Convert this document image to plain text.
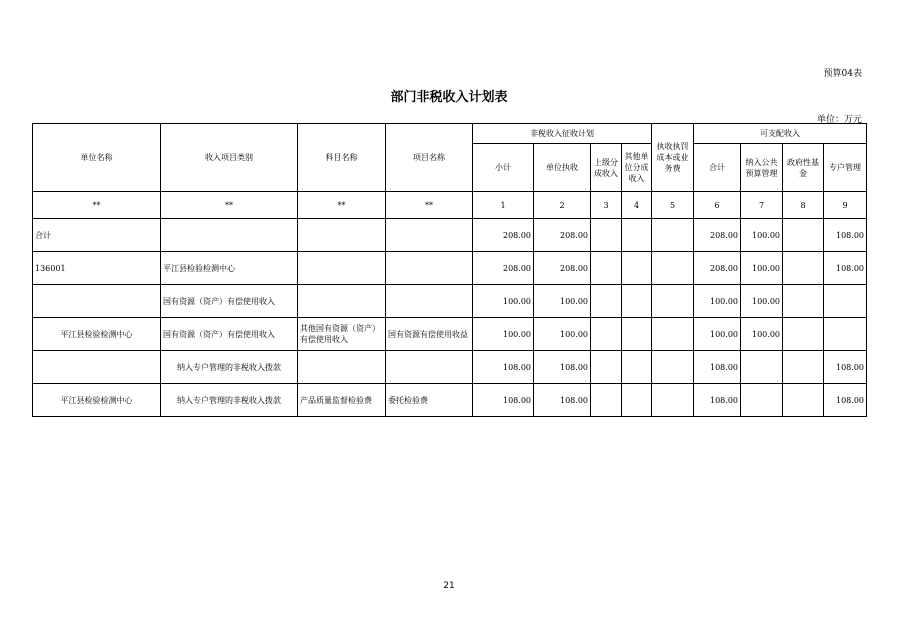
预算04表
部门非税收入计划表
单位：万元
单位名称	收入项目类别	科目名称	项目名称	非税收入征收计划				执收执罚成本或业务费	可支配收入			
				小计	单位执收	上级分成收入	其他单位分成收入		合计	纳入公共预算管理	政府性基金	专户管理
**	**	**	**	1	2	3	4	5	6	7	8	9
合计				208.00	208.00				208.00	100.00		108.00
136001	平江县检验检测中心			208.00	208.00				208.00	100.00		108.00
	国有资源（资产）有偿使用收入			100.00	100.00				100.00	100.00		
平江县检验检测中心	国有资源（资产）有偿使用收入	其他国有资源（资产）有偿使用收入	国有资源有偿使用收益	100.00	100.00				100.00	100.00		
	纳入专户管理的非税收入拨款			108.00	108.00				108.00			108.00
平江县检验检测中心	纳入专户管理的非税收入拨款	产品质量监督检验费	委托检验费	108.00	108.00				108.00			108.00
21
